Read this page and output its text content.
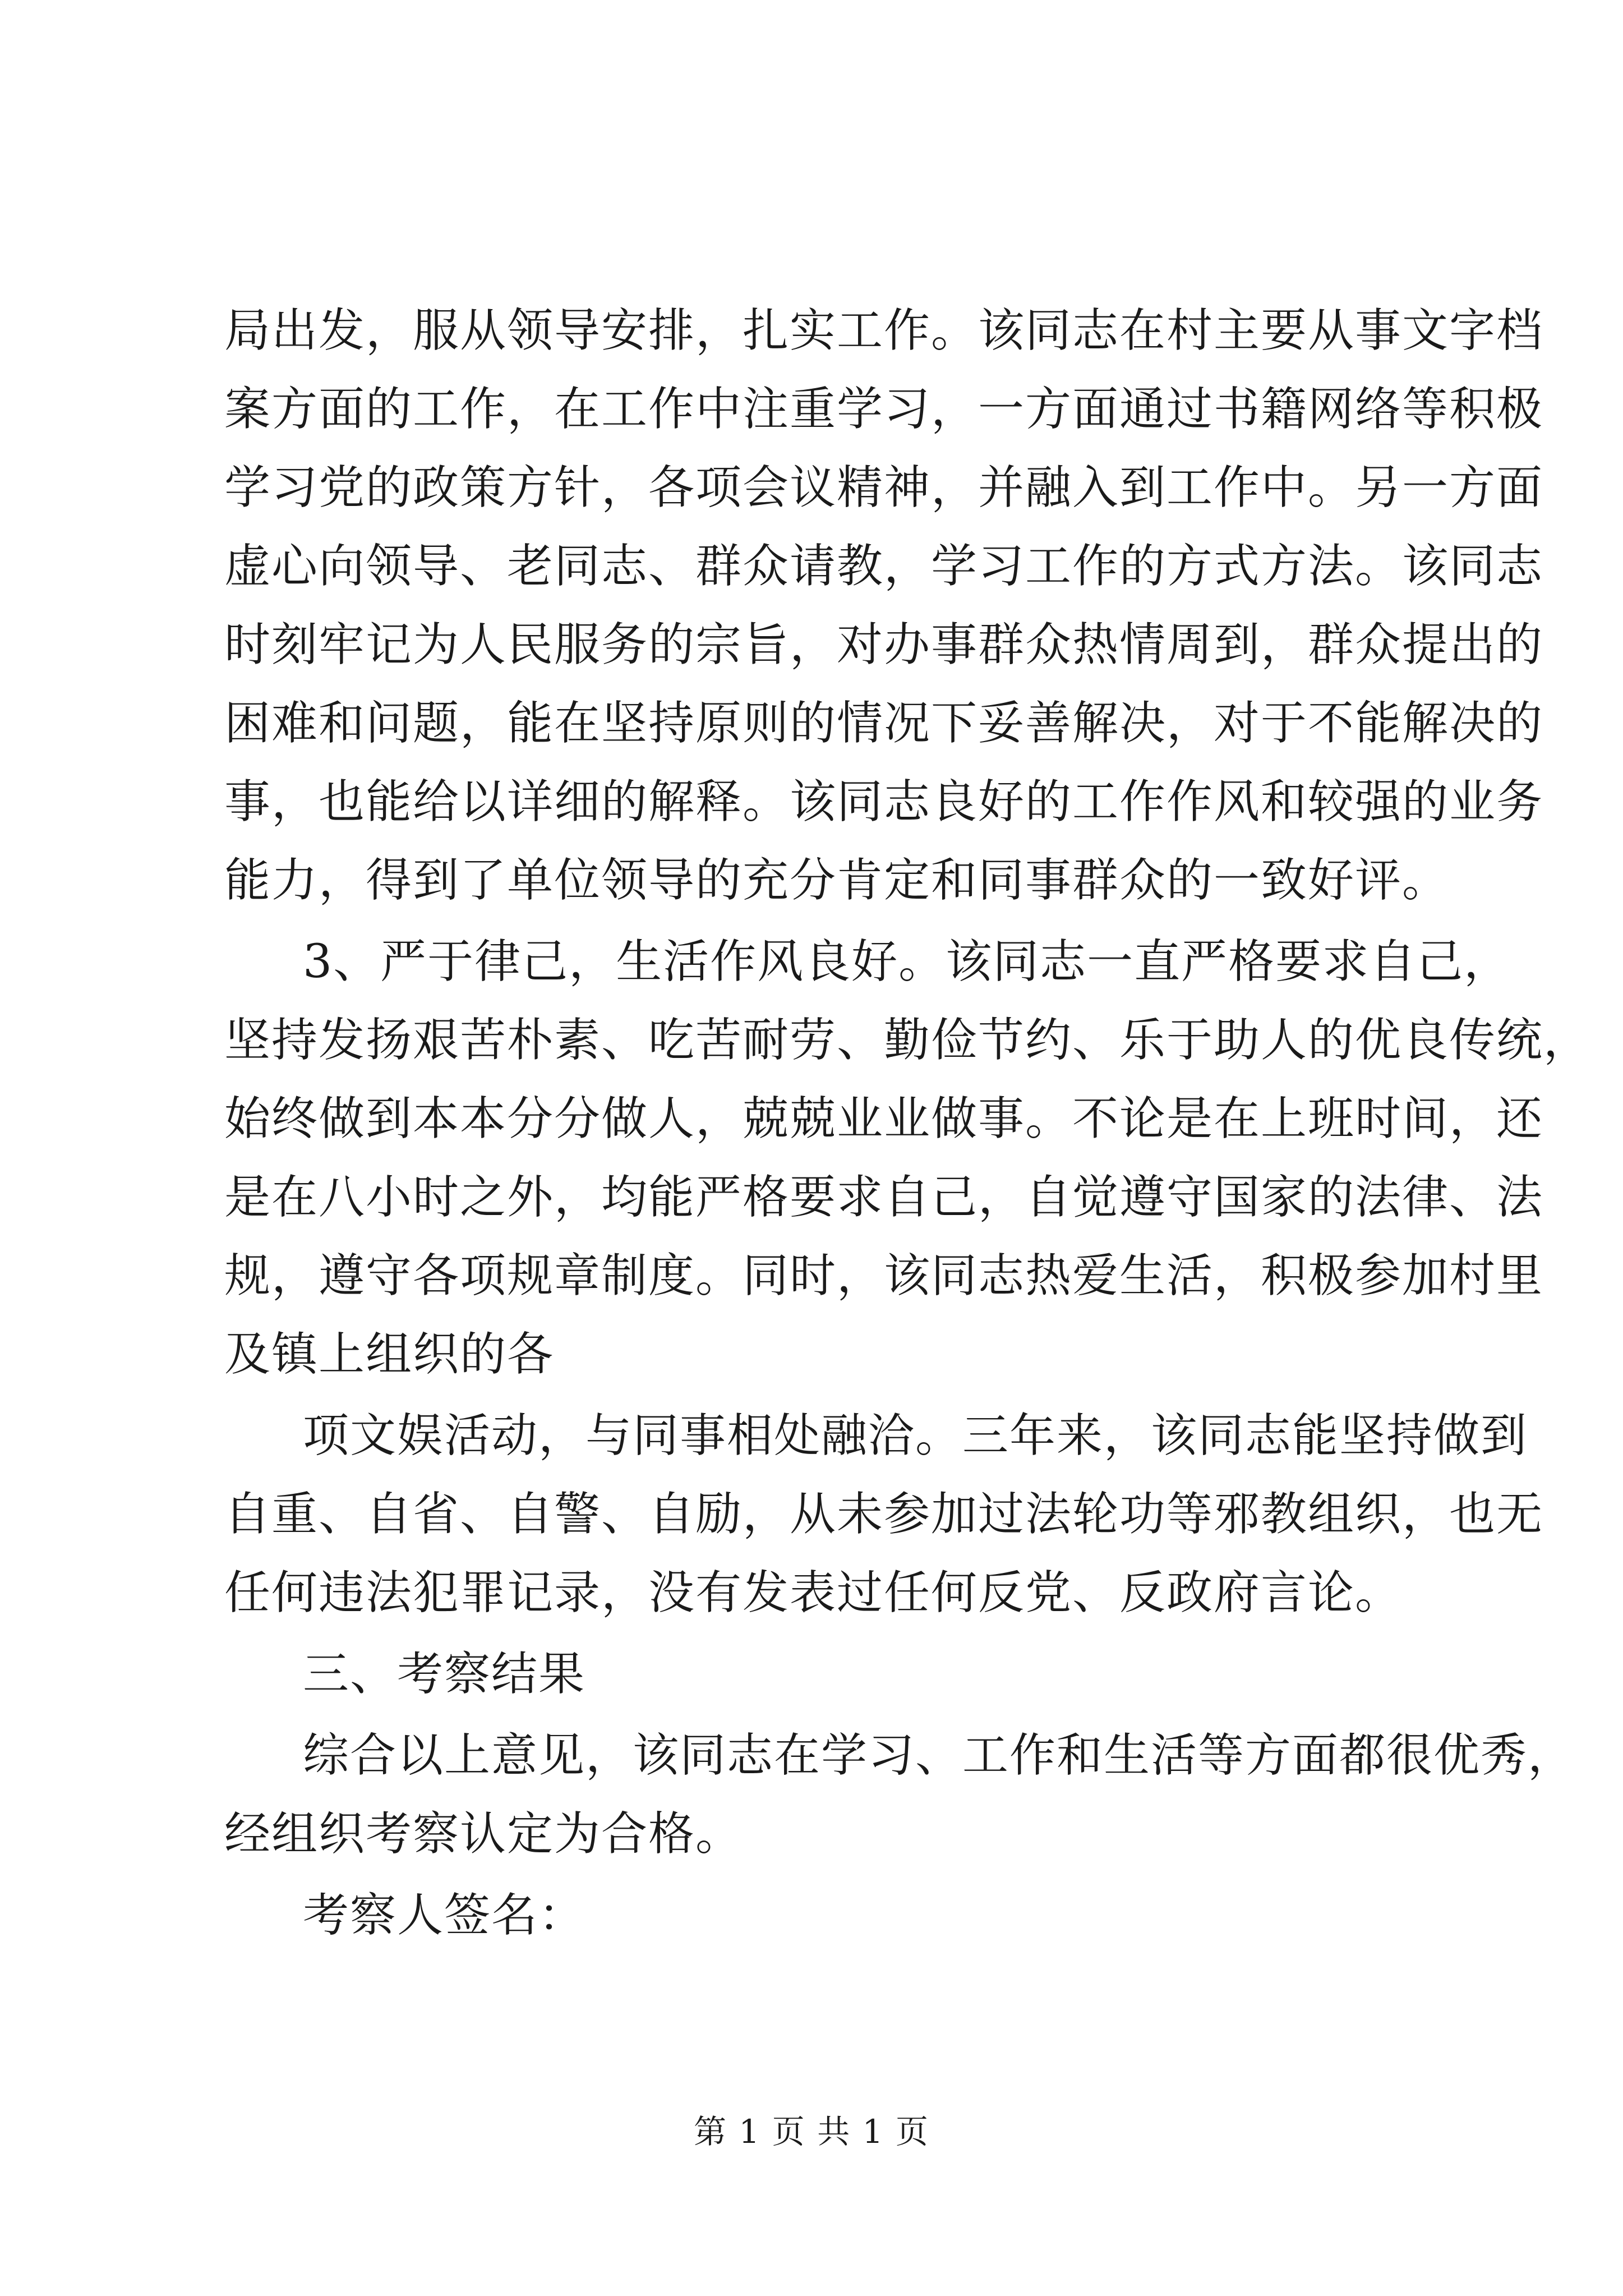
局出发，服从领导安排，扎实工作。该同志在村主要从事文字档
案方面的工作，在工作中注重学习，一方面通过书籍网络等积极
学习党的政策方针，各项会议精神，并融入到工作中。另一方面
虚心向领导、老同志、群众请教，学习工作的方式方法。该同志
时刻牢记为人民服务的宗旨，对办事群众热情周到，群众提出的
困难和问题，能在坚持原则的情况下妥善解决，对于不能解决的
事，也能给以详细的解释。该同志良好的工作作风和较强的业务
能力，得到了单位领导的充分肯定和同事群众的一致好评。
3、严于律己，生活作风良好。该同志一直严格要求自己，
坚持发扬艰苦朴素、吃苦耐劳、勤俭节约、乐于助人的优良传统，
始终做到本本分分做人，兢兢业业做事。不论是在上班时间，还
是在八小时之外，均能严格要求自己，自觉遵守国家的法律、法
规，遵守各项规章制度。同时，该同志热爱生活，积极参加村里
及镇上组织的各
项文娱活动，与同事相处融洽。三年来，该同志能坚持做到
自重、自省、自警、自励，从未参加过法轮功等邪教组织，也无
任何违法犯罪记录，没有发表过任何反党、反政府言论。
三、考察结果
综合以上意见，该同志在学习、工作和生活等方面都很优秀，
经组织考察认定为合格。
考察人签名：
第 1 页 共 1 页
